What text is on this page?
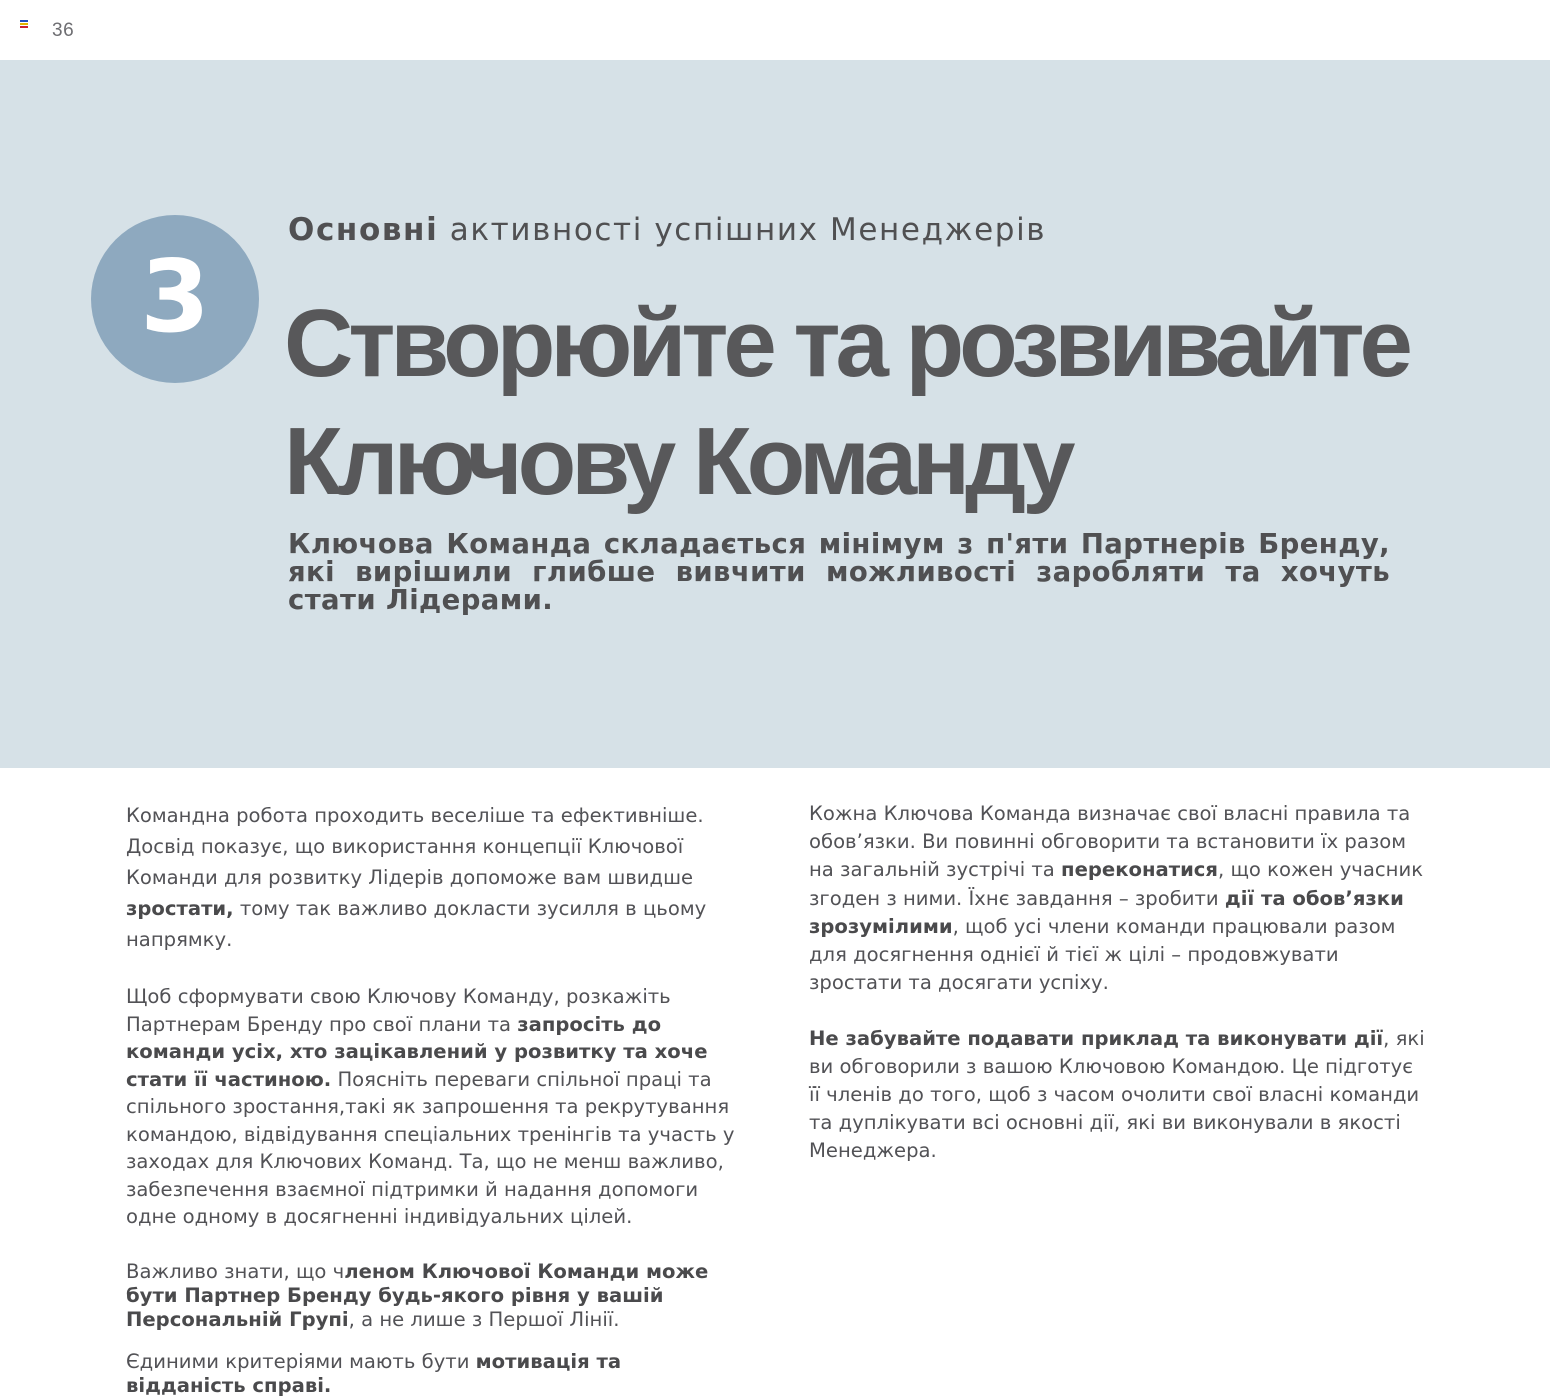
36
3
Основні активності успішних Менеджерів
Створюйте та розвивайте
Ключову Команду

Ключова Команда складається мінімум з п'яти Партнерів Бренду, які вирішили глибше вивчити можливості заробляти та хочуть стати Лідерами.

Командна робота проходить веселіше та ефективніше. Досвід показує, що використання концепції Ключової Команди для розвитку Лідерів допоможе вам швидше зростати, тому так важливо докласти зусилля в цьому напрямку.

Щоб сформувати свою Ключову Команду, розкажіть Партнерам Бренду про свої плани та запросіть до команди усіх, хто зацікавлений у розвитку та хоче стати її частиною. Поясніть переваги спільної праці та спільного зростання,такі як запрошення та рекрутування командою, відвідування спеціальних тренінгів та участь у заходах для Ключових Команд. Та, що не менш важливо, забезпечення взаємної підтримки й надання допомоги одне одному в досягненні індивідуальних цілей.

Важливо знати, що членом Ключової Команди може бути Партнер Бренду будь-якого рівня у вашій Персональній Групі, а не лише з Першої Лінії.

Єдиними критеріями мають бути мотивація та відданість справі.

Кожна Ключова Команда визначає свої власні правила та обов’язки. Ви повинні обговорити та встановити їх разом на загальній зустрічі та переконатися, що кожен учасник згоден з ними. Їхнє завдання – зробити дії та обов’язки зрозумілими, щоб усі члени команди працювали разом для досягнення однієї й тієї ж цілі – продовжувати зростати та досягати успіху.

Не забувайте подавати приклад та виконувати дії, які ви обговорили з вашою Ключовою Командою. Це підготує її членів до того, щоб з часом очолити свої власні команди та дуплікувати всі основні дії, які ви виконували в якості Менеджера.
